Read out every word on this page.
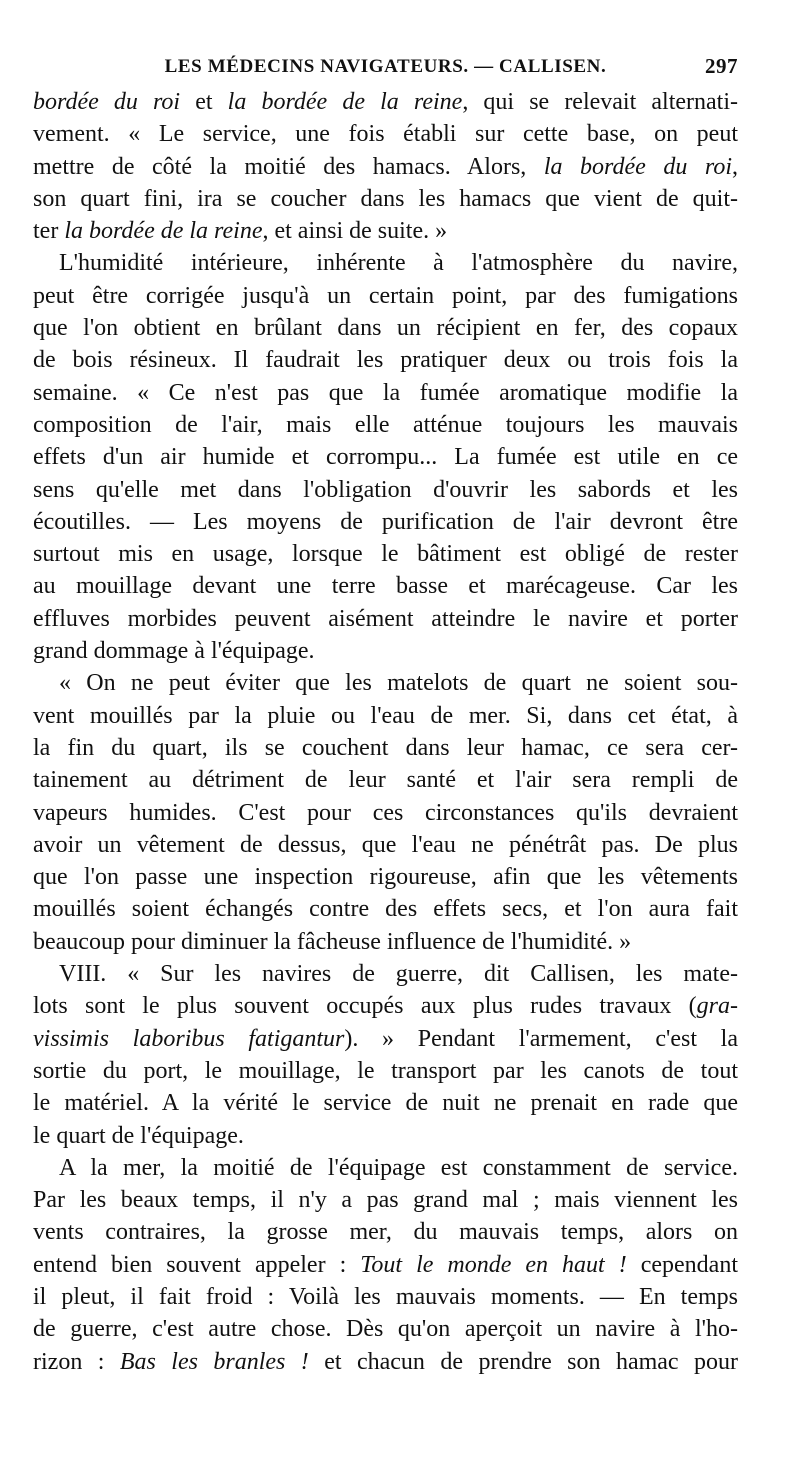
LES MÉDECINS NAVIGATEURS. — CALLISEN.	297
bordée du roi et la bordée de la reine, qui se relevait alternati-
vement. « Le service, une fois établi sur cette base, on peut
mettre de côté la moitié des hamacs. Alors, la bordée du roi,
son quart fini, ira se coucher dans les hamacs que vient de quit-
ter la bordée de la reine, et ainsi de suite. »
L'humidité intérieure, inhérente à l'atmosphère du navire,
peut être corrigée jusqu'à un certain point, par des fumigations
que l'on obtient en brûlant dans un récipient en fer, des copaux
de bois résineux. Il faudrait les pratiquer deux ou trois fois la
semaine. « Ce n'est pas que la fumée aromatique modifie la
composition de l'air, mais elle atténue toujours les mauvais
effets d'un air humide et corrompu... La fumée est utile en ce
sens qu'elle met dans l'obligation d'ouvrir les sabords et les
écoutilles. — Les moyens de purification de l'air devront être
surtout mis en usage, lorsque le bâtiment est obligé de rester
au mouillage devant une terre basse et marécageuse. Car les
effluves morbides peuvent aisément atteindre le navire et porter
grand dommage à l'équipage.
« On ne peut éviter que les matelots de quart ne soient sou-
vent mouillés par la pluie ou l'eau de mer. Si, dans cet état, à
la fin du quart, ils se couchent dans leur hamac, ce sera cer-
tainement au détriment de leur santé et l'air sera rempli de
vapeurs humides. C'est pour ces circonstances qu'ils devraient
avoir un vêtement de dessus, que l'eau ne pénétrât pas. De plus
que l'on passe une inspection rigoureuse, afin que les vêtements
mouillés soient échangés contre des effets secs, et l'on aura fait
beaucoup pour diminuer la fâcheuse influence de l'humidité. »
VIII. « Sur les navires de guerre, dit Callisen, les mate-
lots sont le plus souvent occupés aux plus rudes travaux (gra-
vissimis laboribus fatigantur). » Pendant l'armement, c'est la
sortie du port, le mouillage, le transport par les canots de tout
le matériel. A la vérité le service de nuit ne prenait en rade que
le quart de l'équipage.
A la mer, la moitié de l'équipage est constamment de service.
Par les beaux temps, il n'y a pas grand mal ; mais viennent les
vents contraires, la grosse mer, du mauvais temps, alors on
entend bien souvent appeler : Tout le monde en haut ! cependant
il pleut, il fait froid : Voilà les mauvais moments. — En temps
de guerre, c'est autre chose. Dès qu'on aperçoit un navire à l'ho-
rizon : Bas les branles ! et chacun de prendre son hamac pour
